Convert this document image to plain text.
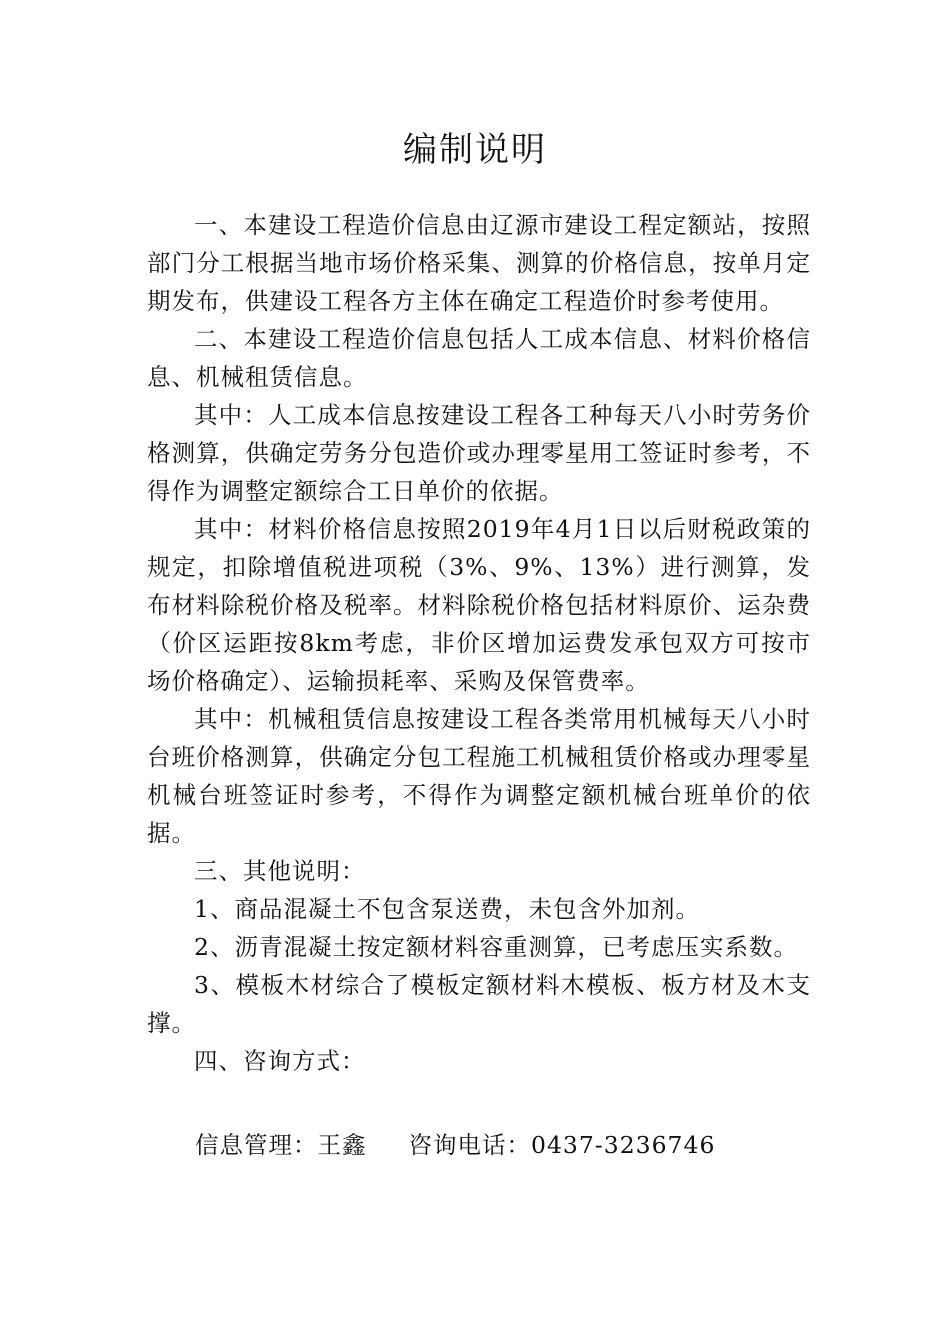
编制说明

一、本建设工程造价信息由辽源市建设工程定额站，按照部门分工根据当地市场价格采集、测算的价格信息，按单月定期发布，供建设工程各方主体在确定工程造价时参考使用。

二、本建设工程造价信息包括人工成本信息、材料价格信息、机械租赁信息。

其中：人工成本信息按建设工程各工种每天八小时劳务价格测算，供确定劳务分包造价或办理零星用工签证时参考，不得作为调整定额综合工日单价的依据。

其中：材料价格信息按照2019年4月1日以后财税政策的规定，扣除增值税进项税（3%、9%、13%）进行测算，发布材料除税价格及税率。材料除税价格包括材料原价、运杂费（价区运距按8km考虑，非价区增加运费发承包双方可按市场价格确定）、运输损耗率、采购及保管费率。

其中：机械租赁信息按建设工程各类常用机械每天八小时台班价格测算，供确定分包工程施工机械租赁价格或办理零星机械台班签证时参考，不得作为调整定额机械台班单价的依据。

三、其他说明：

1、商品混凝土不包含泵送费，未包含外加剂。

2、沥青混凝土按定额材料容重测算，已考虑压实系数。

3、模板木材综合了模板定额材料木模板、板方材及木支撑。

四、咨询方式：

信息管理：王鑫 咨询电话：0437-3236746
